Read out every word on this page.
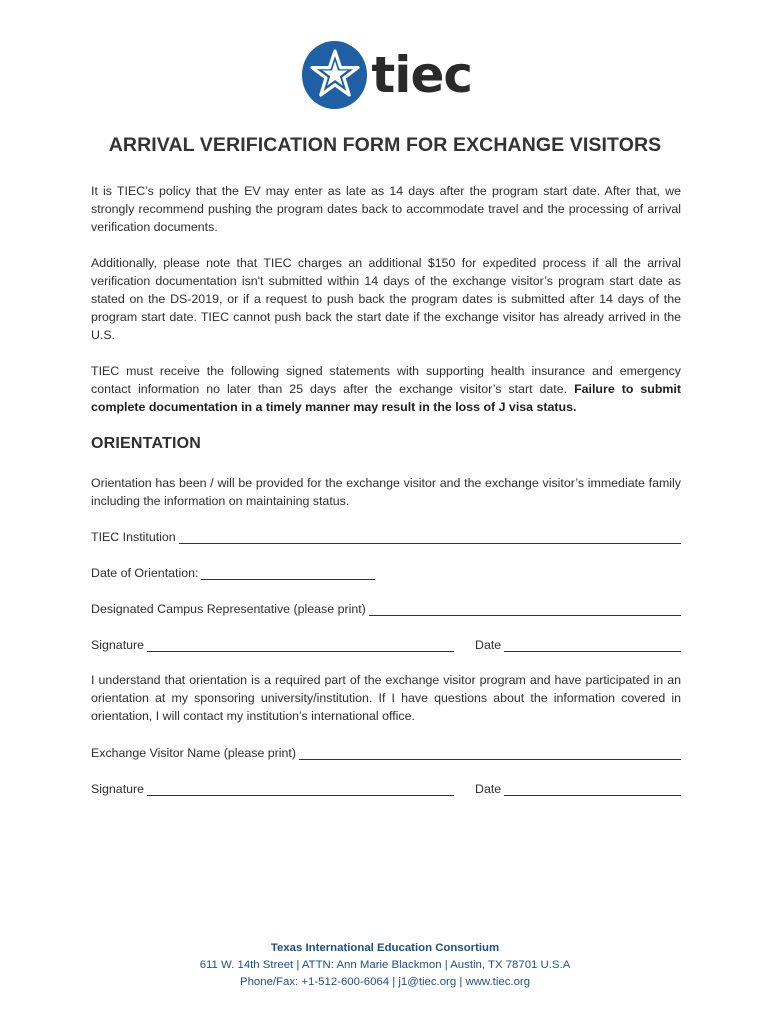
tiec
ARRIVAL VERIFICATION FORM FOR EXCHANGE VISITORS
It is TIEC’s policy that the EV may enter as late as 14 days after the program start date. After that, we strongly recommend pushing the program dates back to accommodate travel and the processing of arrival verification documents.
Additionally, please note that TIEC charges an additional $150 for expedited process if all the arrival verification documentation isn't submitted within 14 days of the exchange visitor’s program start date as stated on the DS-2019, or if a request to push back the program dates is submitted after 14 days of the program start date. TIEC cannot push back the start date if the exchange visitor has already arrived in the U.S.
TIEC must receive the following signed statements with supporting health insurance and emergency contact information no later than 25 days after the exchange visitor’s start date. Failure to submit complete documentation in a timely manner may result in the loss of J visa status.
ORIENTATION
Orientation has been / will be provided for the exchange visitor and the exchange visitor’s immediate family including the information on maintaining status.
TIEC Institution
Date of Orientation:
Designated Campus Representative (please print)
Signature	Date
I understand that orientation is a required part of the exchange visitor program and have participated in an orientation at my sponsoring university/institution. If I have questions about the information covered in orientation, I will contact my institution’s international office.
Exchange Visitor Name (please print)
Signature	Date
Texas International Education Consortium
611 W. 14th Street | ATTN: Ann Marie Blackmon | Austin, TX 78701 U.S.A
Phone/Fax: +1-512-600-6064 | j1@tiec.org | www.tiec.org
